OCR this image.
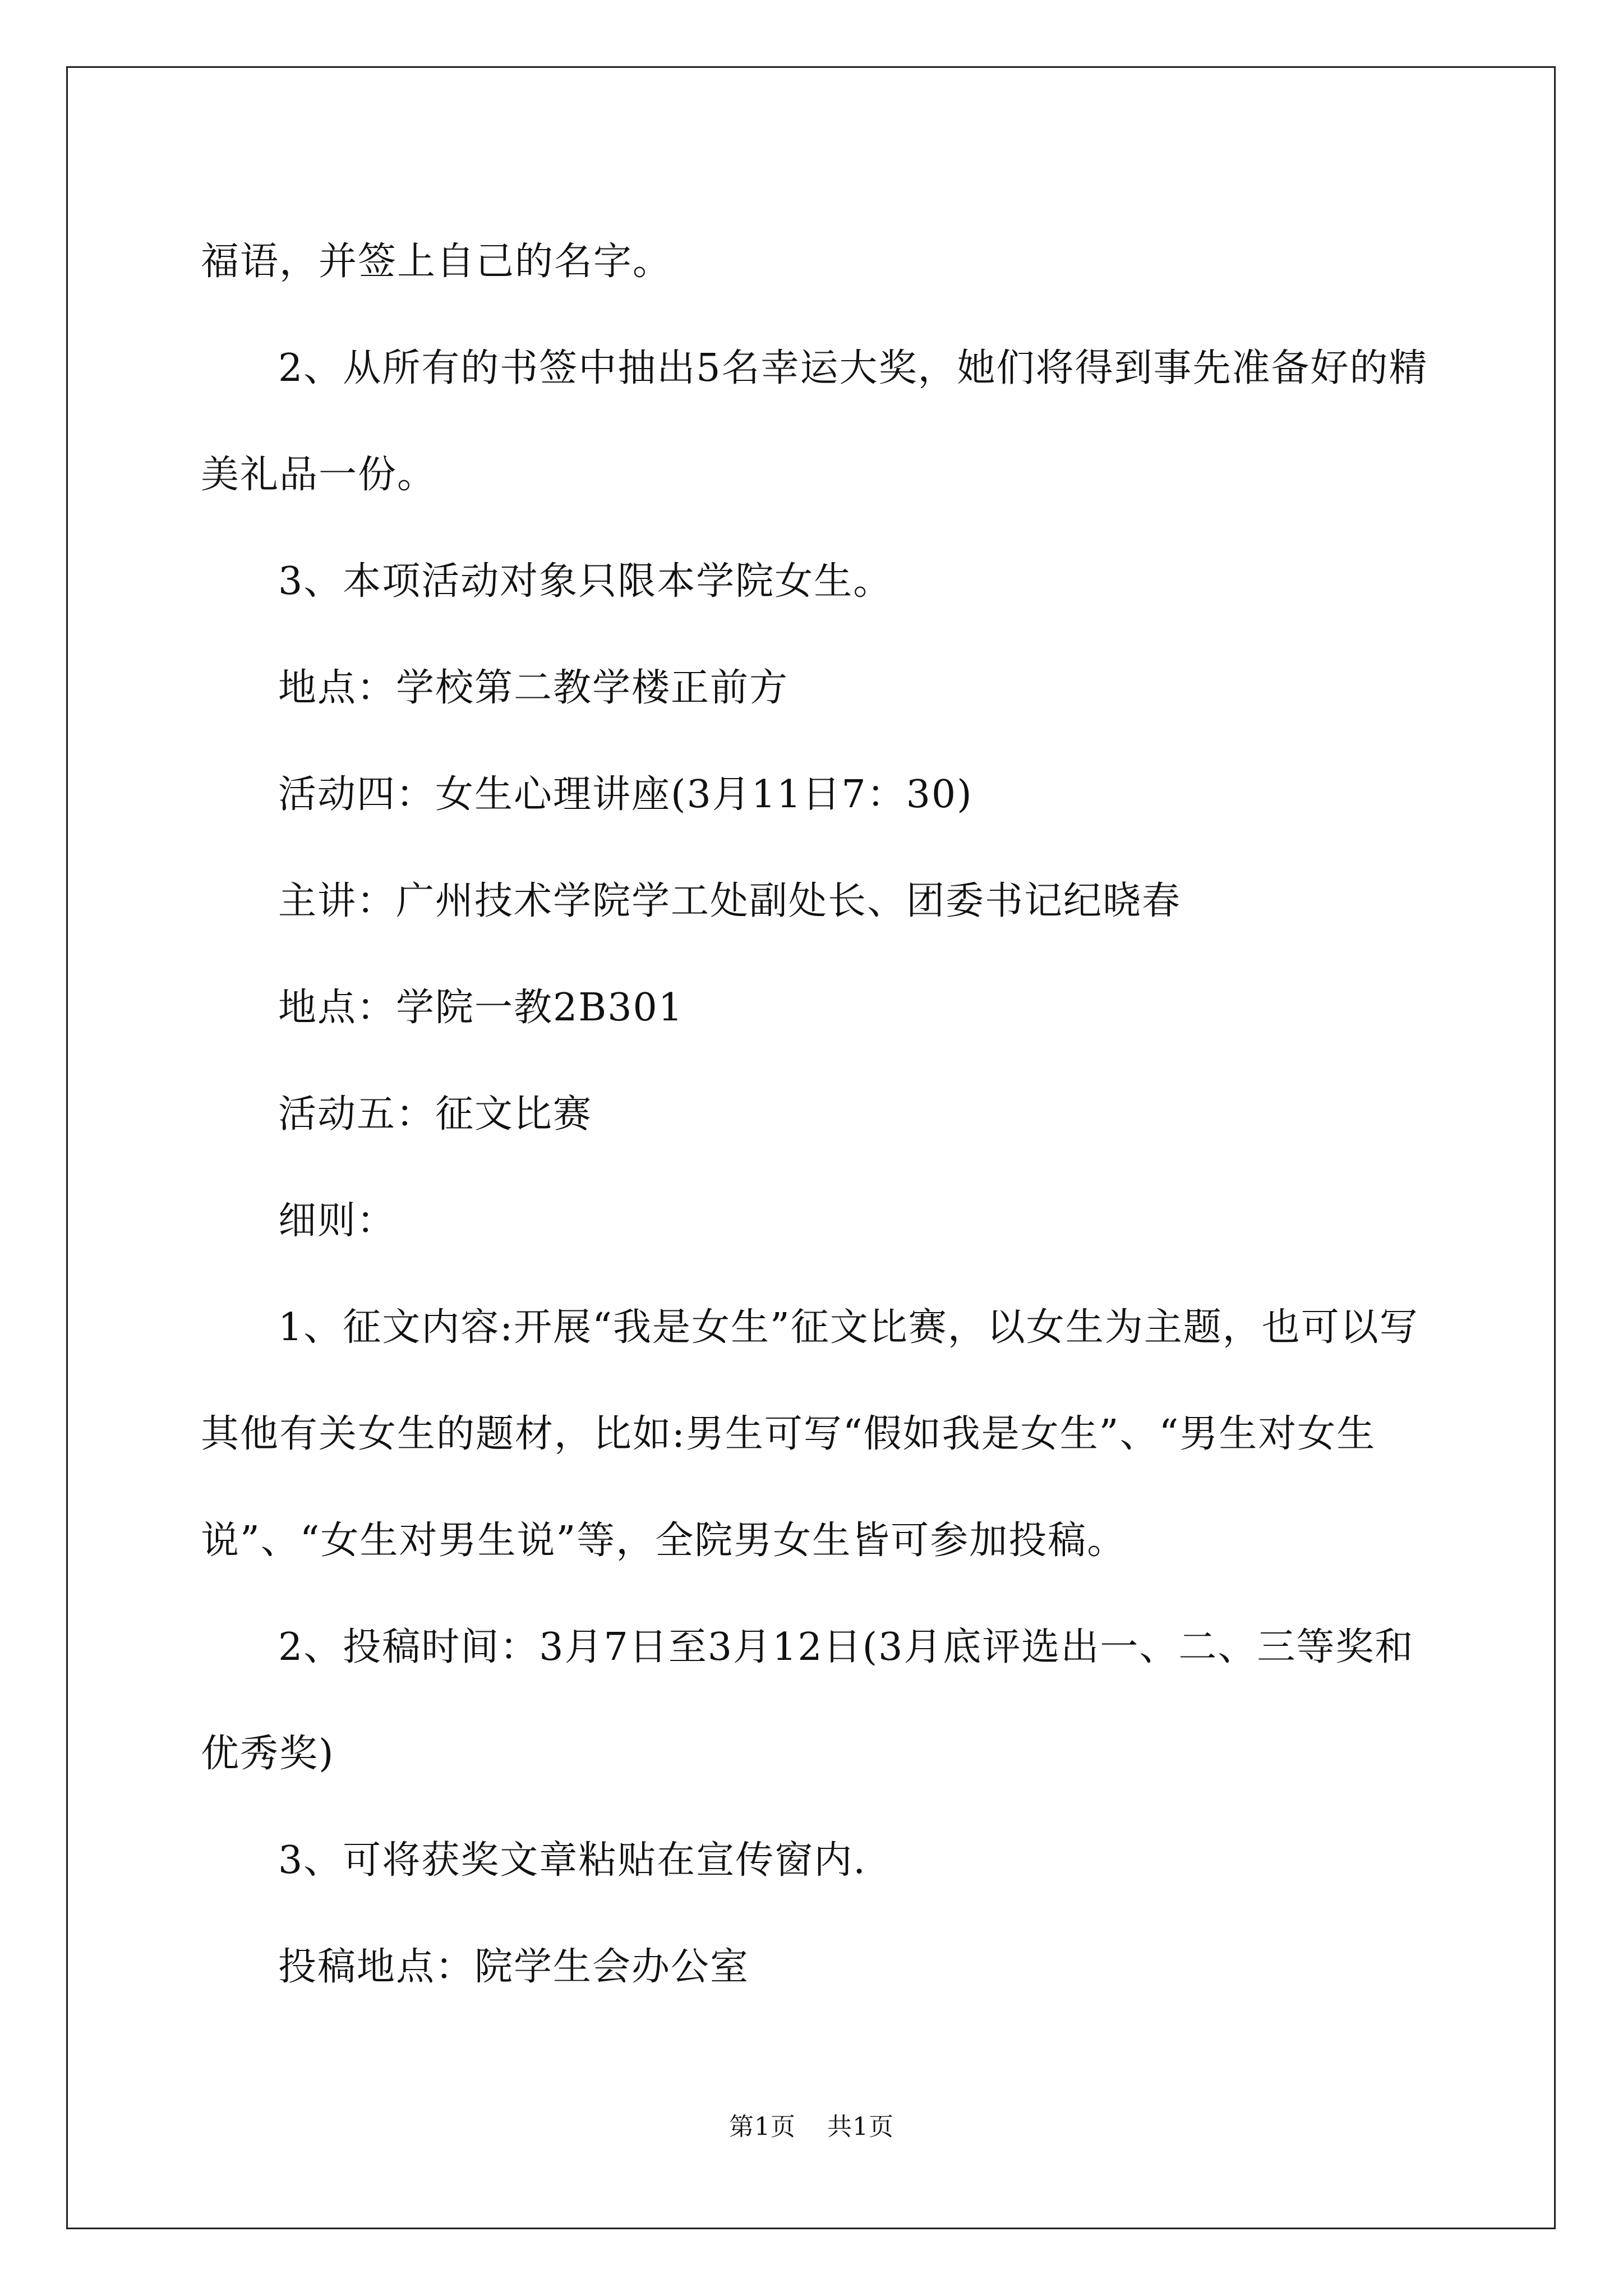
福语，并签上自己的名字。

2、从所有的书签中抽出5名幸运大奖，她们将得到事先准备好的精美礼品一份。

3、本项活动对象只限本学院女生。

地点：学校第二教学楼正前方

活动四：女生心理讲座(3月11日7：30)

主讲：广州技术学院学工处副处长、团委书记纪晓春

地点：学院一教2B301

活动五：征文比赛

细则：

1、征文内容:开展“我是女生”征文比赛，以女生为主题，也可以写其他有关女生的题材，比如:男生可写“假如我是女生”、“男生对女生说”、“女生对男生说”等，全院男女生皆可参加投稿。

2、投稿时间：3月7日至3月12日(3月底评选出一、二、三等奖和优秀奖)

3、可将获奖文章粘贴在宣传窗内.

投稿地点：院学生会办公室

第1页 共1页
